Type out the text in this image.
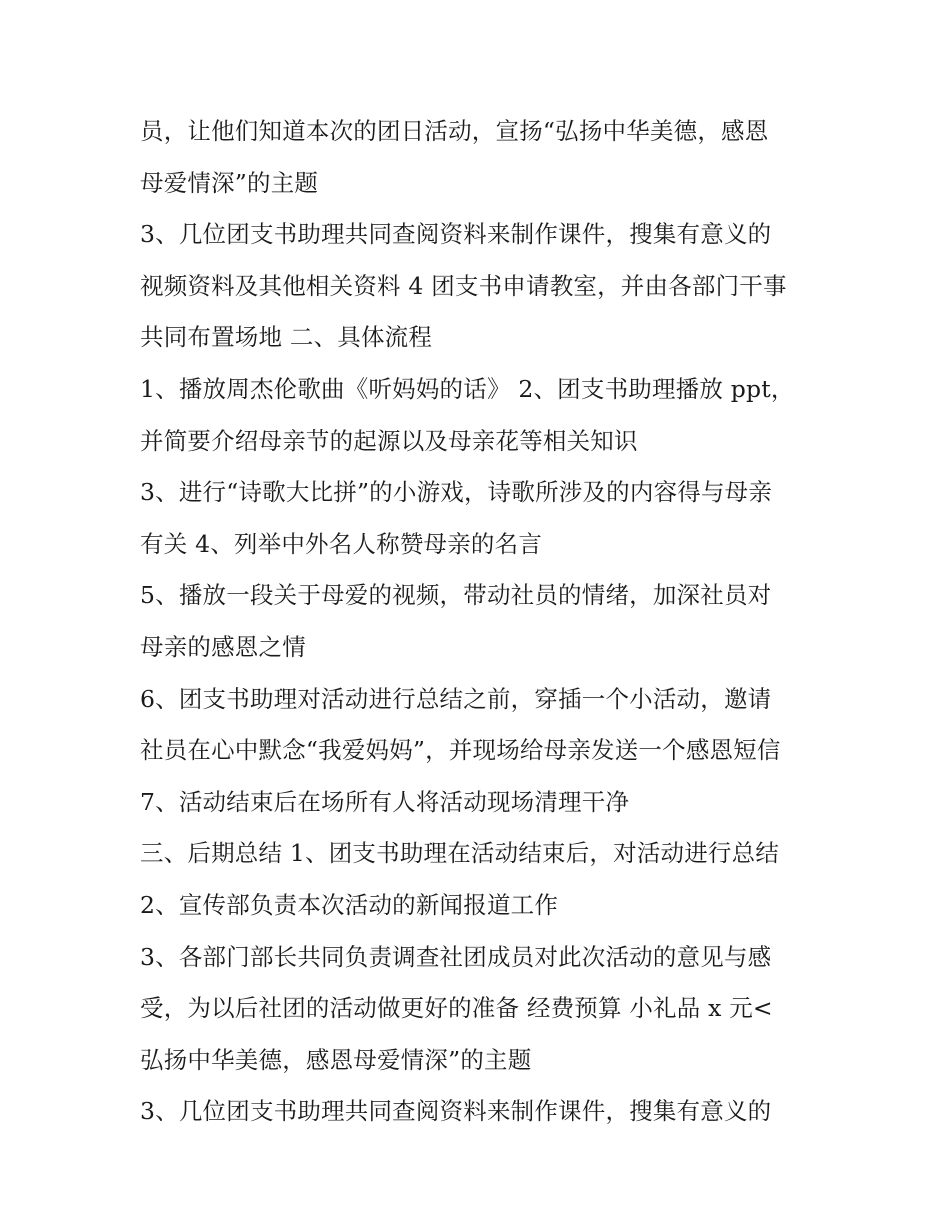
员，让他们知道本次的团日活动，宣扬“弘扬中华美德，感恩
母爱情深”的主题
3、几位团支书助理共同查阅资料来制作课件，搜集有意义的
视频资料及其他相关资料 4 团支书申请教室，并由各部门干事
共同布置场地 二、具体流程
1、播放周杰伦歌曲《听妈妈的话》 2、团支书助理播放 ppt，
并简要介绍母亲节的起源以及母亲花等相关知识
3、进行“诗歌大比拼”的小游戏，诗歌所涉及的内容得与母亲
有关 4、列举中外名人称赞母亲的名言
5、播放一段关于母爱的视频，带动社员的情绪，加深社员对
母亲的感恩之情
6、团支书助理对活动进行总结之前，穿插一个小活动，邀请
社员在心中默念“我爱妈妈”，并现场给母亲发送一个感恩短信
7、活动结束后在场所有人将活动现场清理干净
三、后期总结 1、团支书助理在活动结束后，对活动进行总结
2、宣传部负责本次活动的新闻报道工作
3、各部门部长共同负责调查社团成员对此次活动的意见与感
受，为以后社团的活动做更好的准备 经费预算 小礼品 x 元<
弘扬中华美德，感恩母爱情深”的主题
3、几位团支书助理共同查阅资料来制作课件，搜集有意义的
